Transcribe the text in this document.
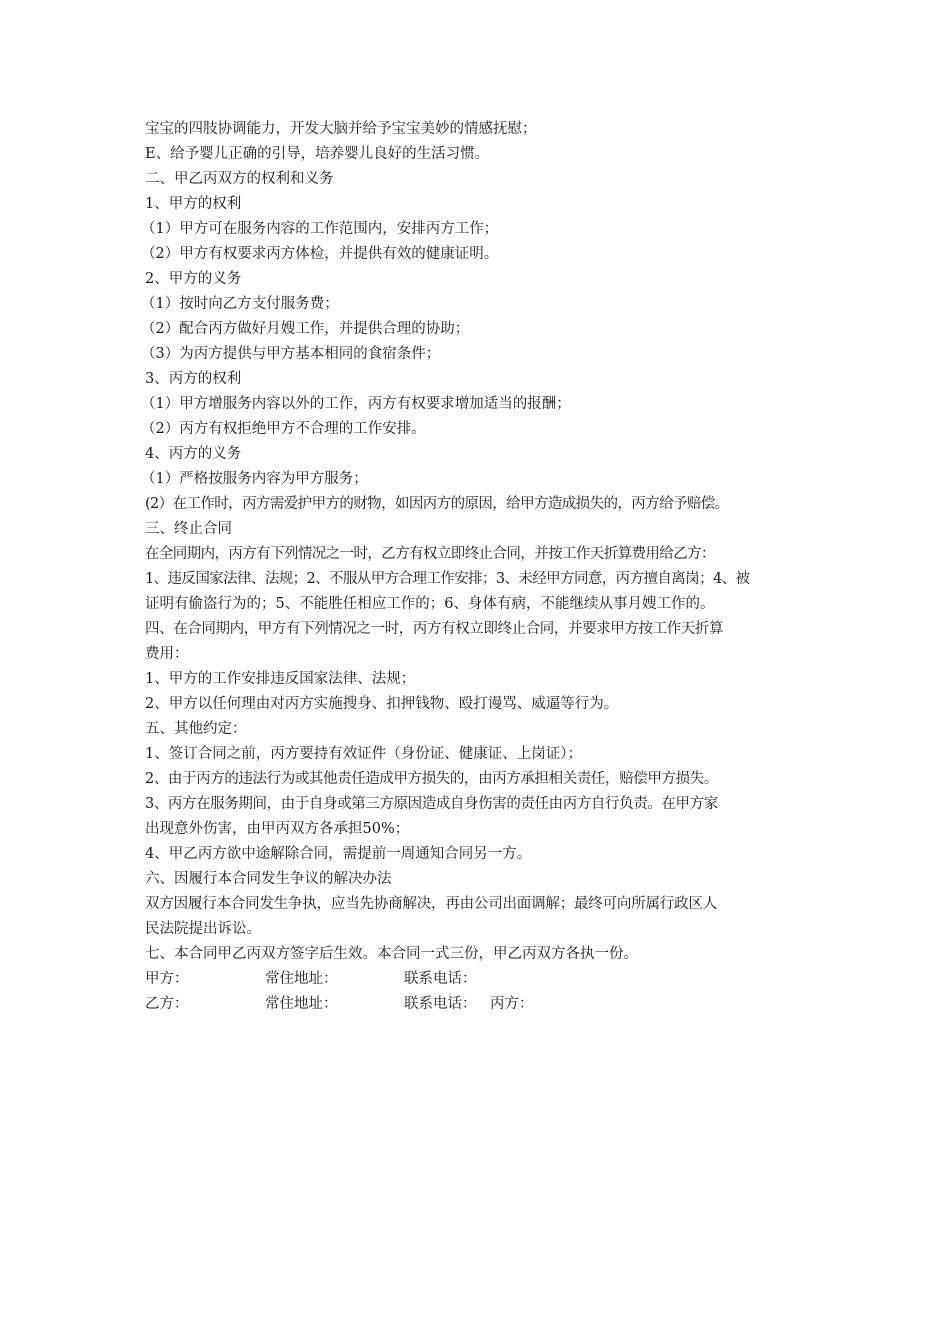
宝宝的四肢协调能力，开发大脑并给予宝宝美妙的情感抚慰；
E、给予婴儿正确的引导，培养婴儿良好的生活习惯。
二、甲乙丙双方的权利和义务
1、甲方的权利
（1）甲方可在服务内容的工作范围内，安排丙方工作；
（2）甲方有权要求丙方体检，并提供有效的健康证明。
2、甲方的义务
（1）按时向乙方支付服务费；
（2）配合丙方做好月嫂工作，并提供合理的协助；
（3）为丙方提供与甲方基本相同的食宿条件；
3、丙方的权利
（1）甲方增服务内容以外的工作，丙方有权要求增加适当的报酬；
（2）丙方有权拒绝甲方不合理的工作安排。
4、丙方的义务
（1）严格按服务内容为甲方服务；
(2）在工作时，丙方需爱护甲方的财物，如因丙方的原因，给甲方造成损失的，丙方给予赔偿。
三、终止合同
在全同期内，丙方有下列情况之一时，乙方有权立即终止合同，并按工作天折算费用给乙方：
1、违反国家法律、法规；2、不服从甲方合理工作安排；3、未经甲方同意，丙方擅自离岗；4、被
证明有偷盗行为的；5、不能胜任相应工作的；6、身体有病，不能继续从事月嫂工作的。
四、在合同期内，甲方有下列情况之一时，丙方有权立即终止合同，并要求甲方按工作天折算
费用：
1、甲方的工作安排违反国家法律、法规；
2、甲方以任何理由对丙方实施搜身、扣押钱物、殴打谩骂、威逼等行为。
五、其他约定：
1、签订合同之前，丙方要持有效证件（身份证、健康证、上岗证）；
2、由于丙方的违法行为或其他责任造成甲方损失的，由丙方承担相关责任，赔偿甲方损失。
3、丙方在服务期间，由于自身或第三方原因造成自身伤害的责任由丙方自行负责。在甲方家
出现意外伤害，由甲丙双方各承担50%；
4、甲乙丙方欲中途解除合同，需提前一周通知合同另一方。
六、因履行本合同发生争议的解决办法
双方因履行本合同发生争执，应当先协商解决，再由公司出面调解；最终可向所属行政区人
民法院提出诉讼。
七、本合同甲乙丙双方签字后生效。本合同一式三份，甲乙丙双方各执一份。
甲方：	常住地址：	联系电话：
乙方：	常住地址：	联系电话： 丙方：
